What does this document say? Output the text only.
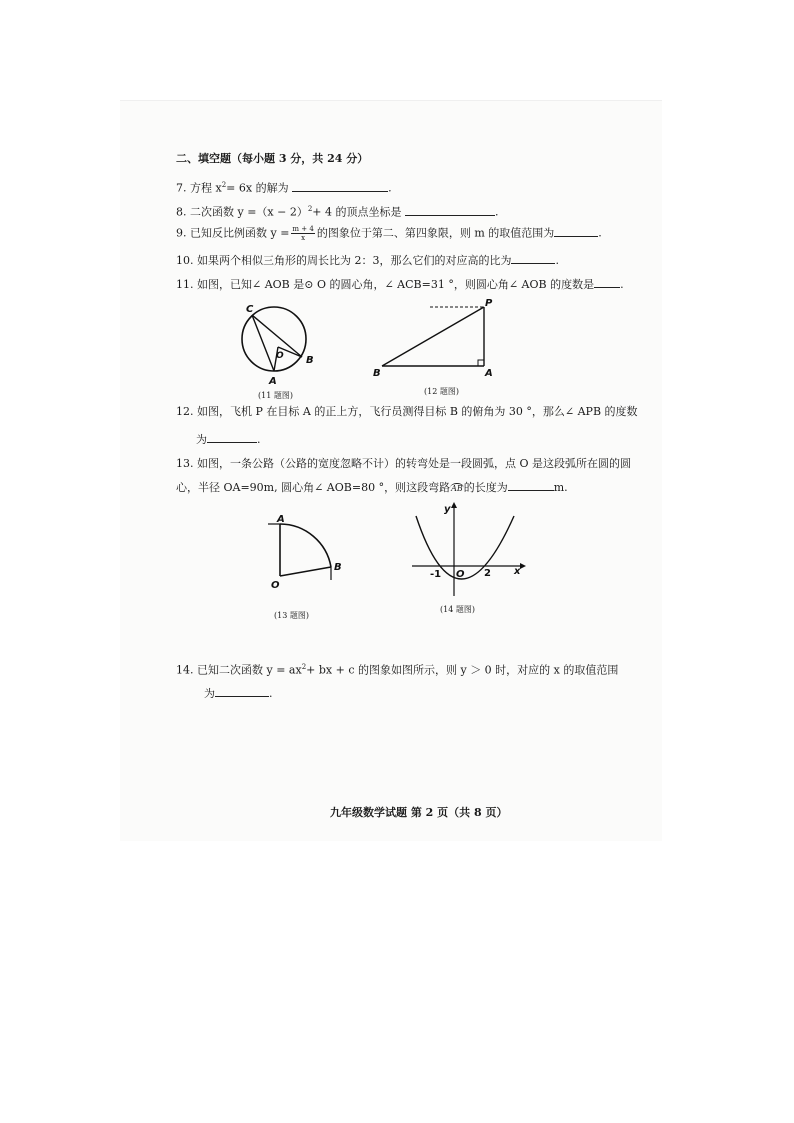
二、填空题（每小题 3 分，共 24 分）
7. 方程 $x^2= 6x$ 的解为	.
8. 二次函数 $y =(x - 2)^2+ 4$ 的顶点坐标是	.
9. 已知反比例函数 $y = \frac{m + 4}{x}$ 的图象位于第二、第四象限，则 m 的取值范围为	.
10. 如果两个相似三角形的周长比为 2：3，那么它们的对应高的比为	.
11. 如图，已知∠ AOB 是⊙ O 的圆心角，∠ ACB=31 °，则圆心角∠ AOB 的度数是 .
C
O B
A
(11 题图)
P
B	A
(12 题图)
12. 如图，飞机 P 在目标 A 的正上方，飞行员测得目标 B 的俯角为 30 °，那么∠ APB 的度数
为	.
13. 如图，一条公路（公路的宽度忽略不计）的转弯处是一段圆弧，点 O 是这段弧所在圆的圆
心，半径 OA=90m, 圆心角∠ AOB=80 °，则这段弯路AB的长度为	m.
A
O
B
(13 题图)
y
x
O
-1	2
(14 题图)
14. 已知二次函数 $y = ax^2+$ bx + c 的图象如图所示，则 y ＞ 0 时，对应的 x 的取值范围
为	.
九年级数学试题 第 2 页（共 8 页）
